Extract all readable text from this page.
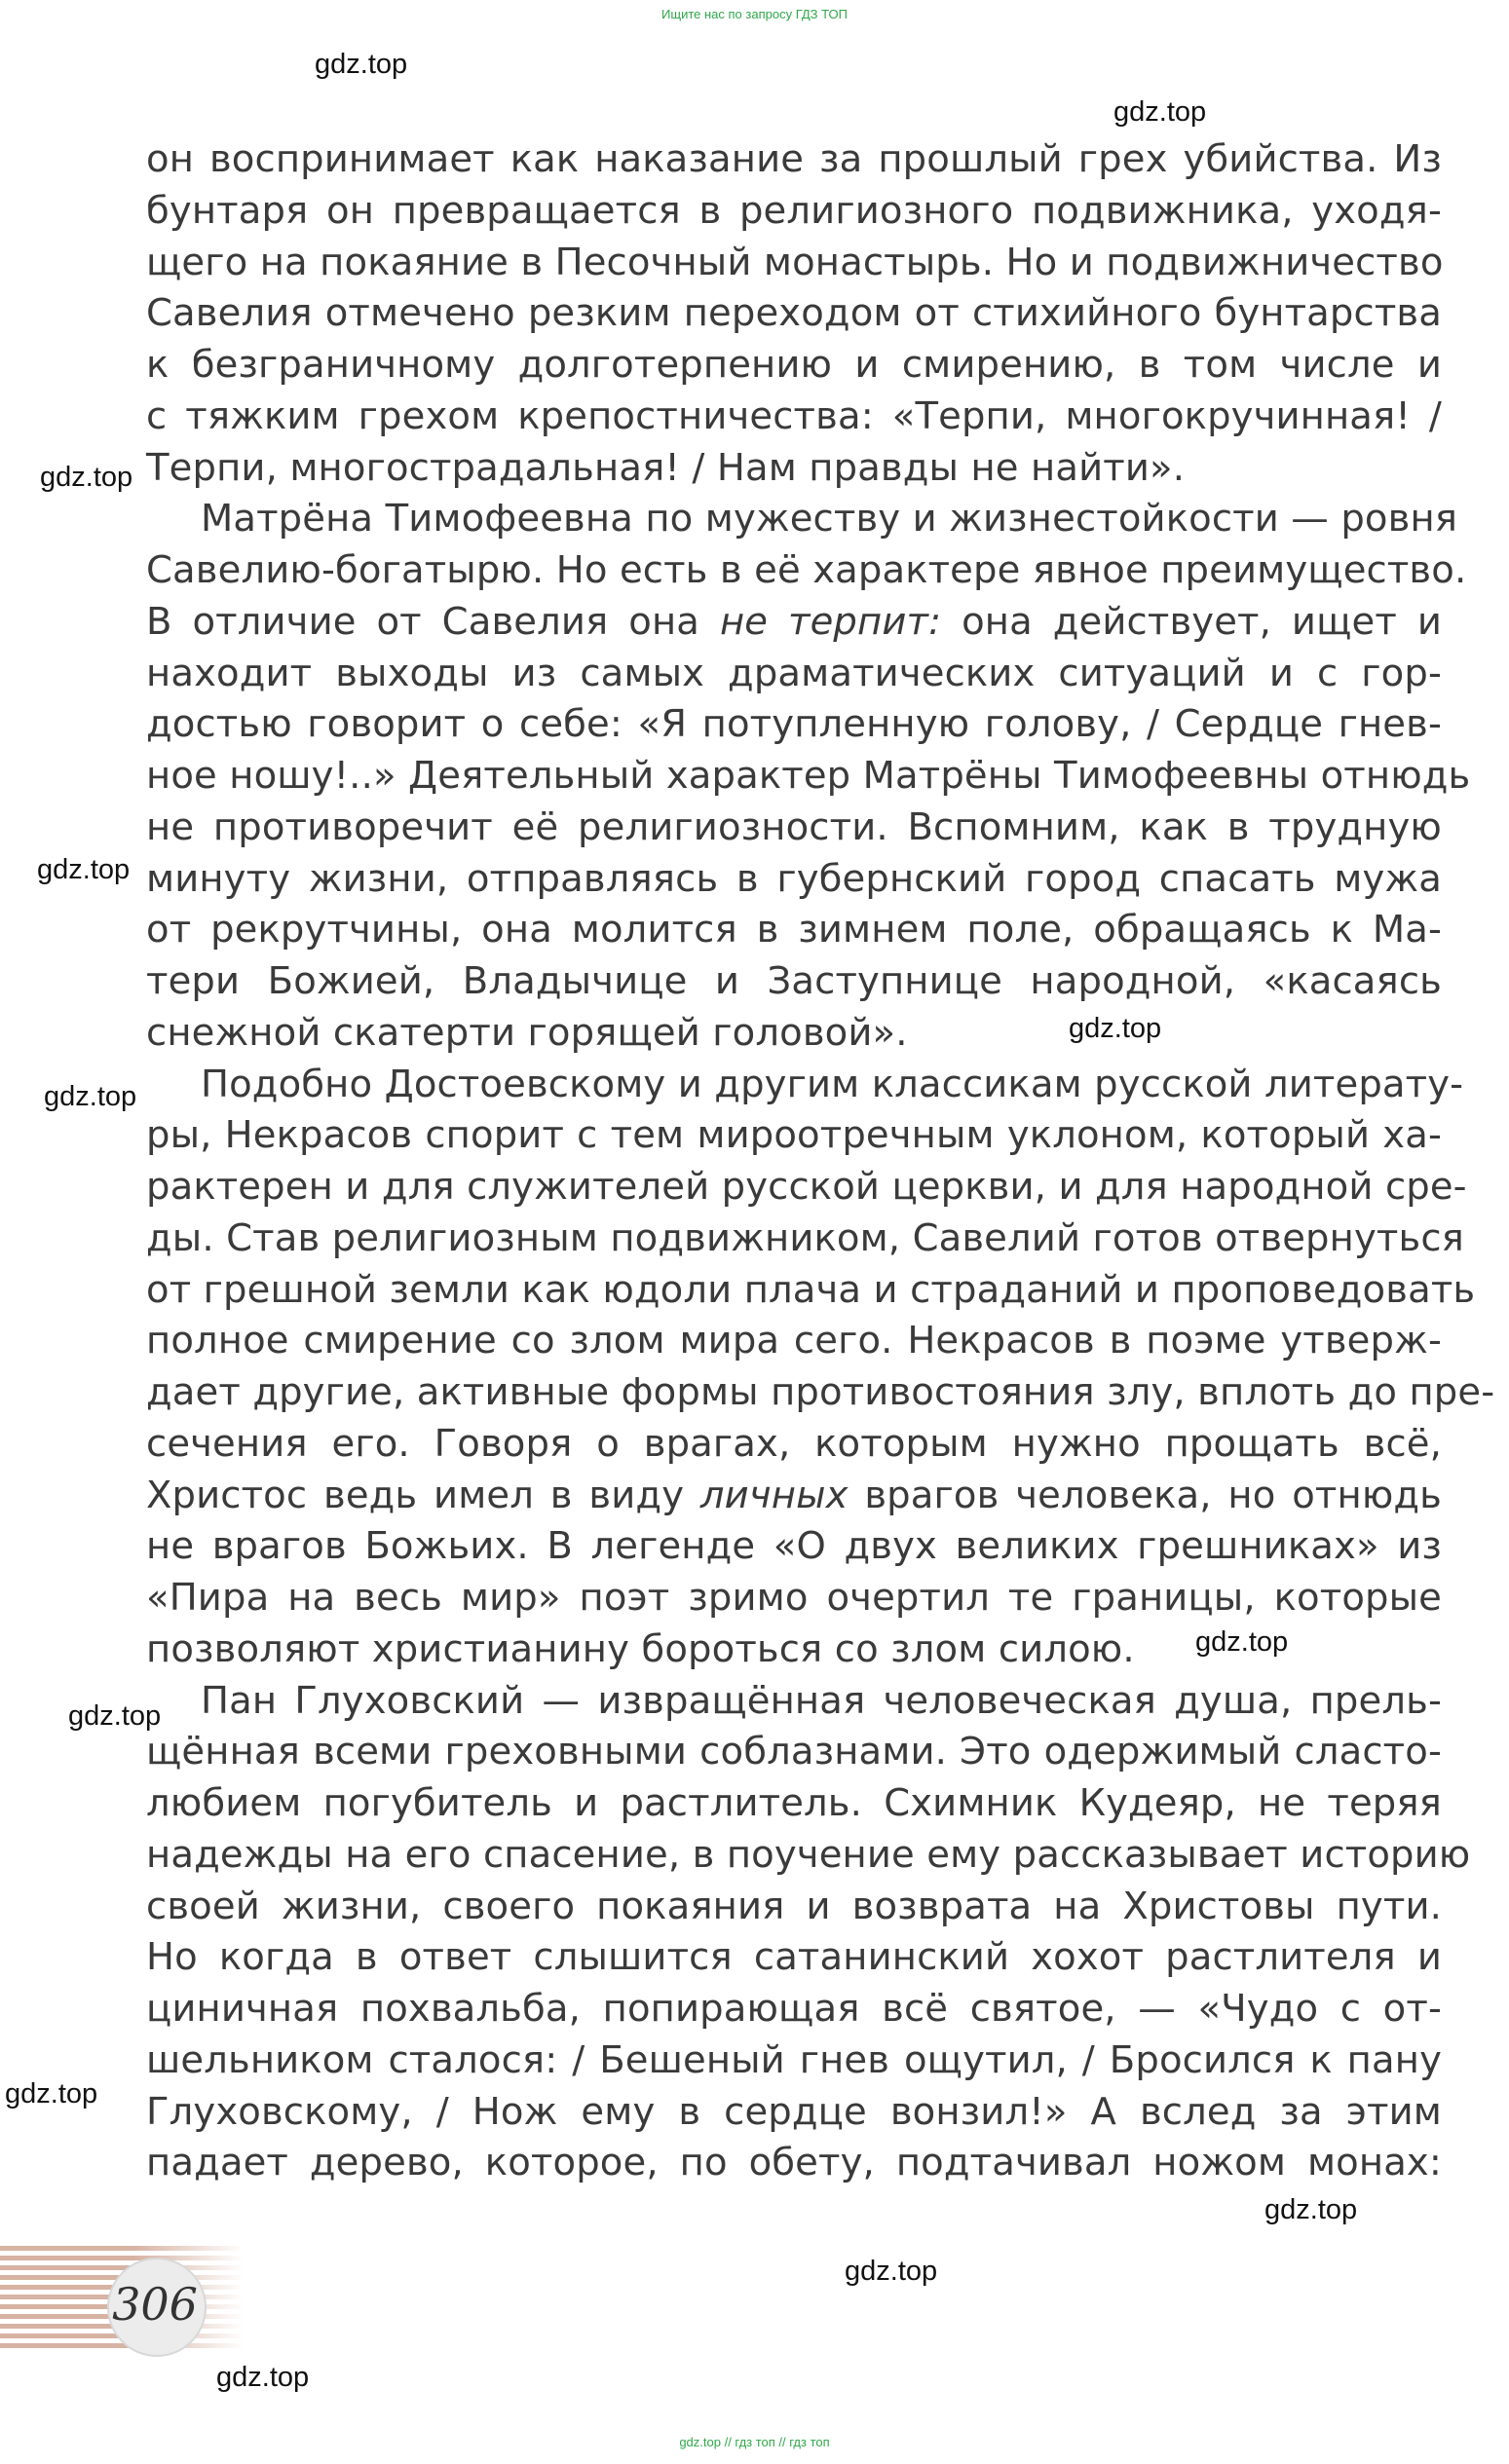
Ищите нас по запросу ГДЗ ТОП
gdz.top
gdz.top
gdz.top
gdz.top
gdz.top
gdz.top
gdz.top
gdz.top
gdz.top
gdz.top
gdz.top
gdz.top
он воспринимает как наказание за прошлый грех убийства. Из
бунтаря он превращается в религиозного подвижника, уходя-
щего на покаяние в Песочный монастырь. Но и подвижничество
Савелия отмечено резким переходом от стихийного бунтарства
к безграничному долготерпению и смирению, в том числе и
с тяжким грехом крепостничества: «Терпи, многокручинная! /
Терпи, многострадальная! / Нам правды не найти».
Матрёна Тимофеевна по мужеству и жизнестойкости — ровня
Савелию-богатырю. Но есть в её характере явное преимущество.
В отличие от Савелия она не терпит: она действует, ищет и
находит выходы из самых драматических ситуаций и с гор-
достью говорит о себе: «Я потупленную голову, / Сердце гнев-
ное ношу!..» Деятельный характер Матрёны Тимофеевны отнюдь
не противоречит её религиозности. Вспомним, как в трудную
минуту жизни, отправляясь в губернский город спасать мужа
от рекрутчины, она молится в зимнем поле, обращаясь к Ма-
тери Божией, Владычице и Заступнице народной, «касаясь
снежной скатерти горящей головой».
Подобно Достоевскому и другим классикам русской литерату-
ры, Некрасов спорит с тем мироотречным уклоном, который ха-
рактерен и для служителей русской церкви, и для народной сре-
ды. Став религиозным подвижником, Савелий готов отвернуться
от грешной земли как юдоли плача и страданий и проповедовать
полное смирение со злом мира сего. Некрасов в поэме утверж-
дает другие, активные формы противостояния злу, вплоть до пре-
сечения его. Говоря о врагах, которым нужно прощать всё,
Христос ведь имел в виду личных врагов человека, но отнюдь
не врагов Божьих. В легенде «О двух великих грешниках» из
«Пира на весь мир» поэт зримо очертил те границы, которые
позволяют христианину бороться со злом силою.
Пан Глуховский — извращённая человеческая душа, прель-
щённая всеми греховными соблазнами. Это одержимый сласто-
любием погубитель и растлитель. Схимник Кудеяр, не теряя
надежды на его спасение, в поучение ему рассказывает историю
своей жизни, своего покаяния и возврата на Христовы пути.
Но когда в ответ слышится сатанинский хохот растлителя и
циничная похвальба, попирающая всё святое, — «Чудо с от-
шельником сталося: / Бешеный гнев ощутил, / Бросился к пану
Глуховскому, / Нож ему в сердце вонзил!» А вслед за этим
падает дерево, которое, по обету, подтачивал ножом монах:
306
gdz.top // гдз топ // гдз топ
